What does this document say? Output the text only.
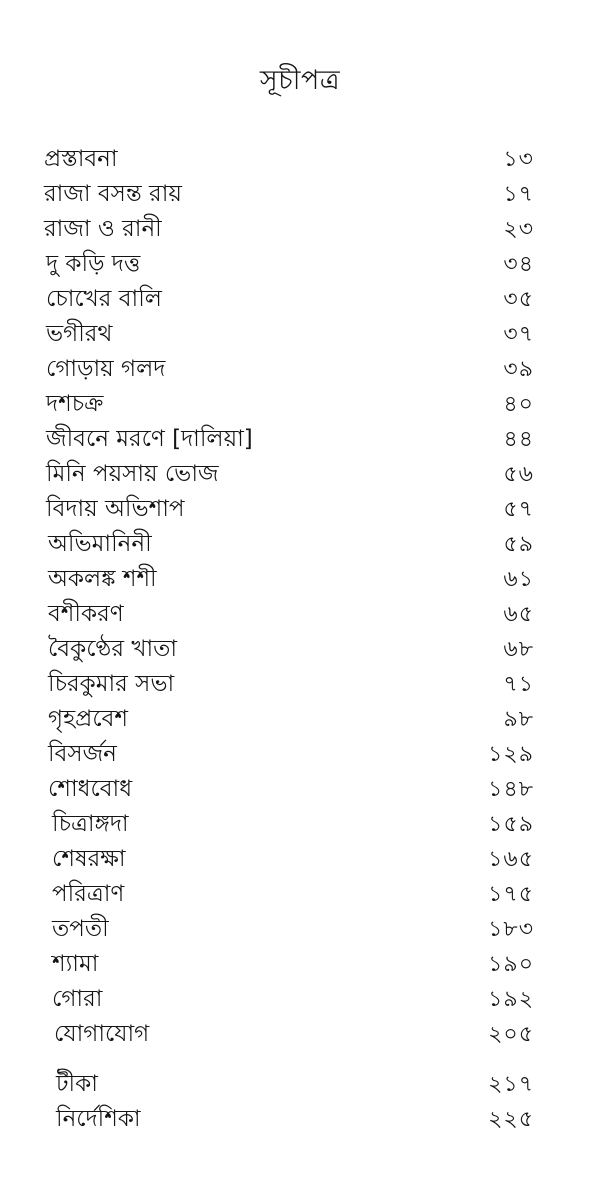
সূচীপত্র
প্রস্তাবনা	১৩
রাজা বসন্ত রায়	১৭
রাজা ও রানী	২৩
দু কড়ি দত্ত	৩৪
চোখের বালি	৩৫
ভগীরথ	৩৭
গোড়ায় গলদ	৩৯
দশচক্র	৪০
জীবনে মরণে [দালিয়া]	৪৪
মিনি পয়সায় ভোজ	৫৬
বিদায় অভিশাপ	৫৭
অভিমানিনী	৫৯
অকলঙ্ক শশী	৬১
বশীকরণ	৬৫
বৈকুণ্ঠের খাতা	৬৮
চিরকুমার সভা	৭১
গৃহপ্রবেশ	৯৮
বিসর্জন	১২৯
শোধবোধ	১৪৮
চিত্রাঙ্গদা	১৫৯
শেষরক্ষা	১৬৫
পরিত্রাণ	১৭৫
তপতী	১৮৩
শ্যামা	১৯০
গোরা	১৯২
যোগাযোগ	২০৫
টীকা	২১৭
নির্দেশিকা	২২৫
